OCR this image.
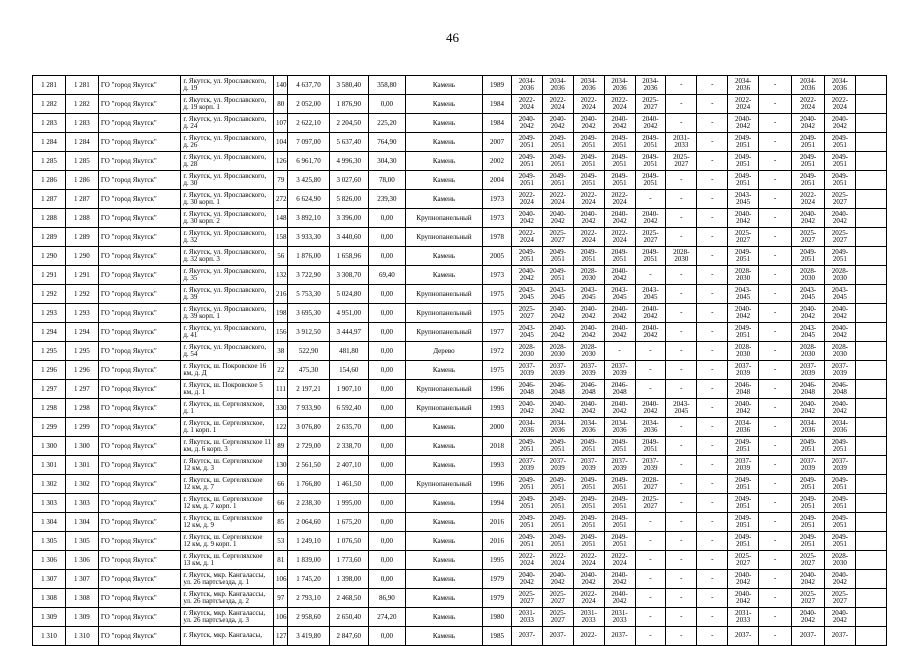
46
1 281	1 281	ГО "город Якутск"	г. Якутск, ул. Ярославского, д. 19	140	4 637,70	3 580,40	358,80	Камень	1989	2034-2036	2034-2036	2034-2036	2034-2036	2034-2036	-	-	2034-2036	-	2034-2036	2034-2036	
1 282	1 282	ГО "город Якутск"	г. Якутск, ул. Ярославского, д. 19 корп. 1	80	2 052,00	1 876,90	0,00	Камень	1984	2022-2024	2022-2024	2022-2024	2022-2024	2025-2027	-	-	2022-2024	-	2022-2024	2022-2024	
1 283	1 283	ГО "город Якутск"	г. Якутск, ул. Ярославского, д. 24	107	2 622,10	2 204,50	225,20	Камень	1984	2040-2042	2040-2042	2040-2042	2040-2042	2040-2042	-	-	2040-2042	-	2040-2042	2040-2042	
1 284	1 284	ГО "город Якутск"	г. Якутск, ул. Ярославского, д. 26	104	7 097,00	5 637,40	764,90	Камень	2007	2049-2051	2049-2051	2049-2051	2049-2051	2049-2051	2031-2033	-	2049-2051	-	2049-2051	2049-2051	
1 285	1 285	ГО "город Якутск"	г. Якутск, ул. Ярославского, д. 28	126	6 961,70	4 996,30	304,30	Камень	2002	2049-2051	2049-2051	2049-2051	2049-2051	2049-2051	2025-2027	-	2049-2051	-	2049-2051	2049-2051	
1 286	1 286	ГО "город Якутск"	г. Якутск, ул. Ярославского, д. 30	79	3 425,80	3 027,60	78,00	Камень	2004	2049-2051	2049-2051	2049-2051	2049-2051	2049-2051	-	-	2049-2051	-	2049-2051	2049-2051	
1 287	1 287	ГО "город Якутск"	г. Якутск, ул. Ярославского, д. 30 корп. 1	272	6 624,90	5 826,00	239,30	Камень	1973	2022-2024	2022-2024	2022-2024	2022-2024	-	-	-	2043-2045	-	2022-2024	2025-2027	
1 288	1 288	ГО "город Якутск"	г. Якутск, ул. Ярославского, д. 30 корп. 2	148	3 892,10	3 396,00	0,00	Крупнопанельный	1973	2040-2042	2040-2042	2040-2042	2040-2042	2040-2042	-	-	2040-2042	-	2040-2042	2040-2042	
1 289	1 289	ГО "город Якутск"	г. Якутск, ул. Ярославского, д. 32	158	3 933,30	3 440,60	0,00	Крупнопанельный	1978	2022-2024	2025-2027	2022-2024	2022-2024	2025-2027	-	-	2025-2027	-	2025-2027	2025-2027	
1 290	1 290	ГО "город Якутск"	г. Якутск, ул. Ярославского, д. 32 корп. 3	56	1 876,00	1 658,96	0,00	Камень	2005	2049-2051	2049-2051	2049-2051	2049-2051	2049-2051	2028-2030	-	2049-2051	-	2049-2051	2049-2051	
1 291	1 291	ГО "город Якутск"	г. Якутск, ул. Ярославского, д. 35	132	3 722,90	3 308,70	69,40	Камень	1973	2040-2042	2049-2051	2028-2030	2040-2042	-	-	-	2028-2030	-	2028-2030	2028-2030	
1 292	1 292	ГО "город Якутск"	г. Якутск, ул. Ярославского, д. 39	216	5 753,30	5 024,80	0,00	Крупнопанельный	1975	2043-2045	2043-2045	2043-2045	2043-2045	2043-2045	-	-	2043-2045	-	2043-2045	2043-2045	
1 293	1 293	ГО "город Якутск"	г. Якутск, ул. Ярославского, д. 39 корп. 1	198	3 695,30	4 951,00	0,00	Крупнопанельный	1975	2025-2027	2040-2042	2040-2042	2040-2042	2040-2042	-	-	2040-2042	-	2040-2042	2040-2042	
1 294	1 294	ГО "город Якутск"	г. Якутск, ул. Ярославского, д. 41	156	3 912,50	3 444,97	0,00	Крупнопанельный	1977	2043-2045	2040-2042	2040-2042	2040-2042	2040-2042	-	-	2049-2051	-	2043-2045	2040-2042	
1 295	1 295	ГО "город Якутск"	г. Якутск, ул. Ярославского, д. 54	38	522,90	481,80	0,00	Дерево	1972	2028-2030	2028-2030	2028-2030	-	-	-	-	2028-2030	-	2028-2030	2028-2030	
1 296	1 296	ГО "город Якутск"	г. Якутск, ш. Покровское 16 км, д. Д	22	475,30	154,60	0,00	Камень	1975	2037-2039	2037-2039	2037-2039	2037-2039	-	-	-	2037-2039	-	2037-2039	2037-2039	
1 297	1 297	ГО "город Якутск"	г. Якутск, ш. Покровское 5 км, д. 1	111	2 197,21	1 907,10	0,00	Крупнопанельный	1996	2046-2048	2046-2048	2046-2048	2046-2048	-	-	-	2046-2048	-	2046-2048	2046-2048	
1 298	1 298	ГО "город Якутск"	г. Якутск, ш. Сергеляхское, д. 1	330	7 933,90	6 592,40	0,00	Крупнопанельный	1993	2040-2042	2040-2042	2040-2042	2040-2042	2040-2042	2043-2045	-	2040-2042	-	2040-2042	2040-2042	
1 299	1 299	ГО "город Якутск"	г. Якутск, ш. Сергеляхское, д. 1 корп. 1	122	3 076,80	2 635,70	0,00	Камень	2000	2034-2036	2034-2036	2034-2036	2034-2036	2034-2036	-	-	2034-2036	-	2034-2036	2034-2036	
1 300	1 300	ГО "город Якутск"	г. Якутск, ш. Сергеляхское 11 км, д. 6 корп. 3	89	2 729,00	2 338,70	0,00	Камень	2018	2049-2051	2049-2051	2049-2051	2049-2051	2049-2051	-	-	2049-2051	-	2049-2051	2049-2051	
1 301	1 301	ГО "город Якутск"	г. Якутск, ш. Сергеляхское 12 км, д. 3	130	2 561,50	2 407,10	0,00	Камень	1993	2037-2039	2037-2039	2037-2039	2037-2039	2037-2039	-	-	2037-2039	-	2037-2039	2037-2039	
1 302	1 302	ГО "город Якутск"	г. Якутск, ш. Сергеляхское 12 км, д. 7	66	1 766,80	1 461,50	0,00	Крупнопанельный	1996	2049-2051	2049-2051	2049-2051	2049-2051	2028-2027	-	-	2049-2051	-	2049-2051	2049-2051	
1 303	1 303	ГО "город Якутск"	г. Якутск, ш. Сергеляхское 12 км, д. 7 корп. 1	66	2 238,30	1 995,00	0,00	Камень	1994	2049-2051	2049-2051	2049-2051	2049-2051	2025-2027	-	-	2049-2051	-	2049-2051	2049-2051	
1 304	1 304	ГО "город Якутск"	г. Якутск, ш. Сергеляхское 12 км, д. 9	85	2 064,60	1 675,20	0,00	Камень	2016	2049-2051	2049-2051	2049-2051	2049-2051	-	-	-	2049-2051	-	2049-2051	2049-2051	
1 305	1 305	ГО "город Якутск"	г. Якутск, ш. Сергеляхское 12 км, д. 9 корп. 1	53	1 249,10	1 076,50	0,00	Камень	2016	2049-2051	2049-2051	2049-2051	2049-2051	-	-	-	2049-2051	-	2049-2051	2049-2051	
1 306	1 306	ГО "город Якутск"	г. Якутск, ш. Сергеляхское 13 км, д. 1	81	1 839,00	1 773,60	0,00	Камень	1995	2022-2024	2022-2024	2022-2024	2022-2024	-	-	-	2025-2027	-	2025-2027	2028-2030	
1 307	1 307	ГО "город Якутск"	г. Якутск, мкр. Кангалассы, ул. 26 партсъезда, д. 1	106	1 745,20	1 398,00	0,00	Камень	1979	2040-2042	2040-2042	2040-2042	2040-2042	-	-	-	2040-2042	-	2040-2042	2040-2042	
1 308	1 308	ГО "город Якутск"	г. Якутск, мкр. Кангалассы, ул. 26 партсъезда, д. 2	97	2 793,10	2 468,50	86,90	Камень	1979	2025-2027	2025-2027	2022-2024	2040-2042	-	-	-	2040-2042	-	2025-2027	2025-2027	
1 309	1 309	ГО "город Якутск"	г. Якутск, мкр. Кангалассы, ул. 26 партсъезда, д. 3	106	2 958,60	2 650,40	274,20	Камень	1980	2031-2033	2025-2027	2031-2033	2031-2033	-	-	-	2031-2033	-	2040-2042	2040-2042	
1 310	1 310	ГО "город Якутск"	г. Якутск, мкр. Кангаласы,	127	3 419,80	2 847,60	0,00	Камень	1985	2037-	2037-	2022-	2037-	-	-	-	2037-	-	2037-	2037-	
